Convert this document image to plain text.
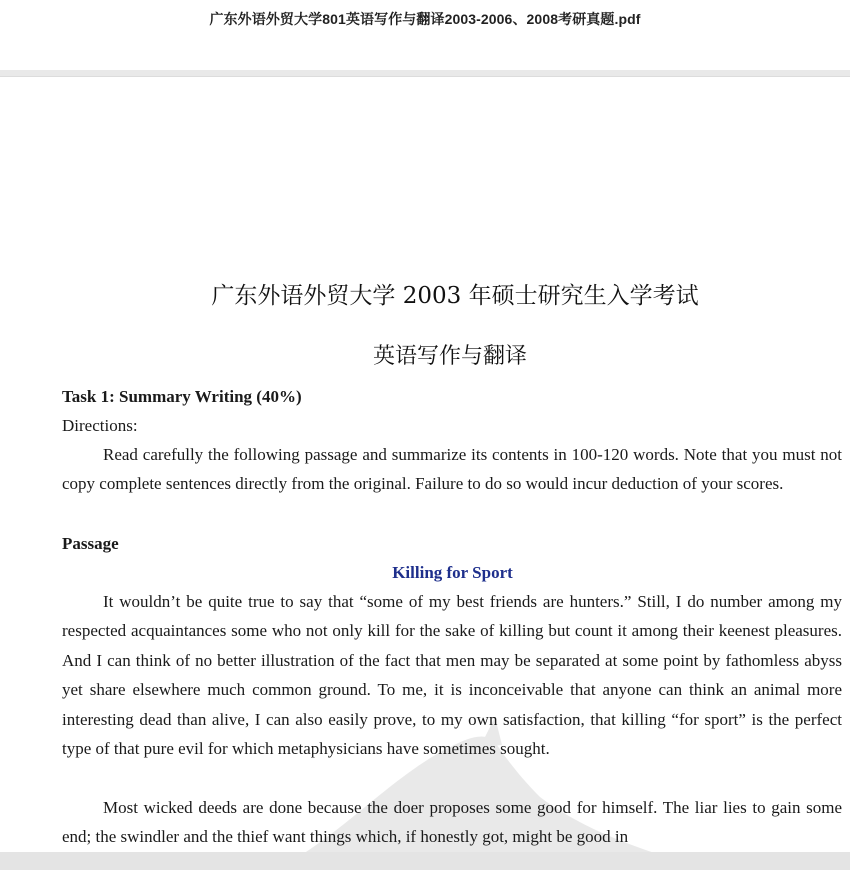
广东外语外贸大学801英语写作与翻译2003-2006、2008考研真题.pdf
广东外语外贸大学 2003 年硕士研究生入学考试
英语写作与翻译
Task 1: Summary Writing (40%)
Directions:
Read carefully the following passage and summarize its contents in 100-120 words. Note that you must not copy complete sentences directly from the original. Failure to do so would incur deduction of your scores.
Passage
Killing for Sport
It wouldn’t be quite true to say that “some of my best friends are hunters.” Still, I do number among my respected acquaintances some who not only kill for the sake of killing but count it among their keenest pleasures. And I can think of no better illustration of the fact that men may be separated at some point by fathomless abyss yet share elsewhere much common ground. To me, it is inconceivable that anyone can think an animal more interesting dead than alive, I can also easily prove, to my own satisfaction, that killing “for sport” is the perfect type of that pure evil for which metaphysicians have sometimes sought.
Most wicked deeds are done because the doer proposes some good for himself. The liar lies to gain some end; the swindler and the thief want things which, if honestly got, might be good in
